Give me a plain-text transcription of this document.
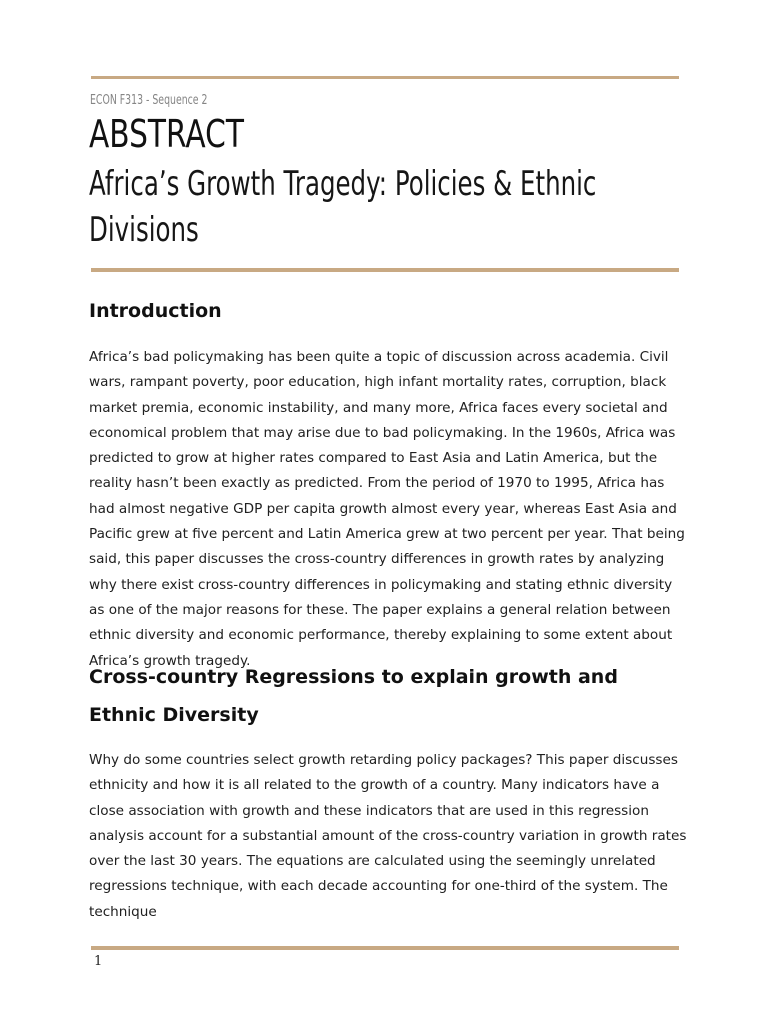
ECON F313 - Sequence 2
ABSTRACT
Africa’s Growth Tragedy: Policies & Ethnic Divisions
Introduction

Africa’s bad policymaking has been quite a topic of discussion across academia. Civil wars, rampant poverty, poor education, high infant mortality rates, corruption, black market premia, economic instability, and many more, Africa faces every societal and economical problem that may arise due to bad policymaking. In the 1960s, Africa was predicted to grow at higher rates compared to East Asia and Latin America, but the reality hasn’t been exactly as predicted. From the period of 1970 to 1995, Africa has had almost negative GDP per capita growth almost every year, whereas East Asia and Pacific grew at five percent and Latin America grew at two percent per year. That being said, this paper discusses the cross-country differences in growth rates by analyzing why there exist cross-country differences in policymaking and stating ethnic diversity as one of the major reasons for these. The paper explains a general relation between ethnic diversity and economic performance, thereby explaining to some extent about Africa’s growth tragedy.

Cross-country Regressions to explain growth and Ethnic Diversity

Why do some countries select growth retarding policy packages? This paper discusses ethnicity and how it is all related to the growth of a country. Many indicators have a close association with growth and these indicators that are used in this regression analysis account for a substantial amount of the cross-country variation in growth rates over the last 30 years. The equations are calculated using the seemingly unrelated regressions technique, with each decade accounting for one-third of the system. The technique

1
